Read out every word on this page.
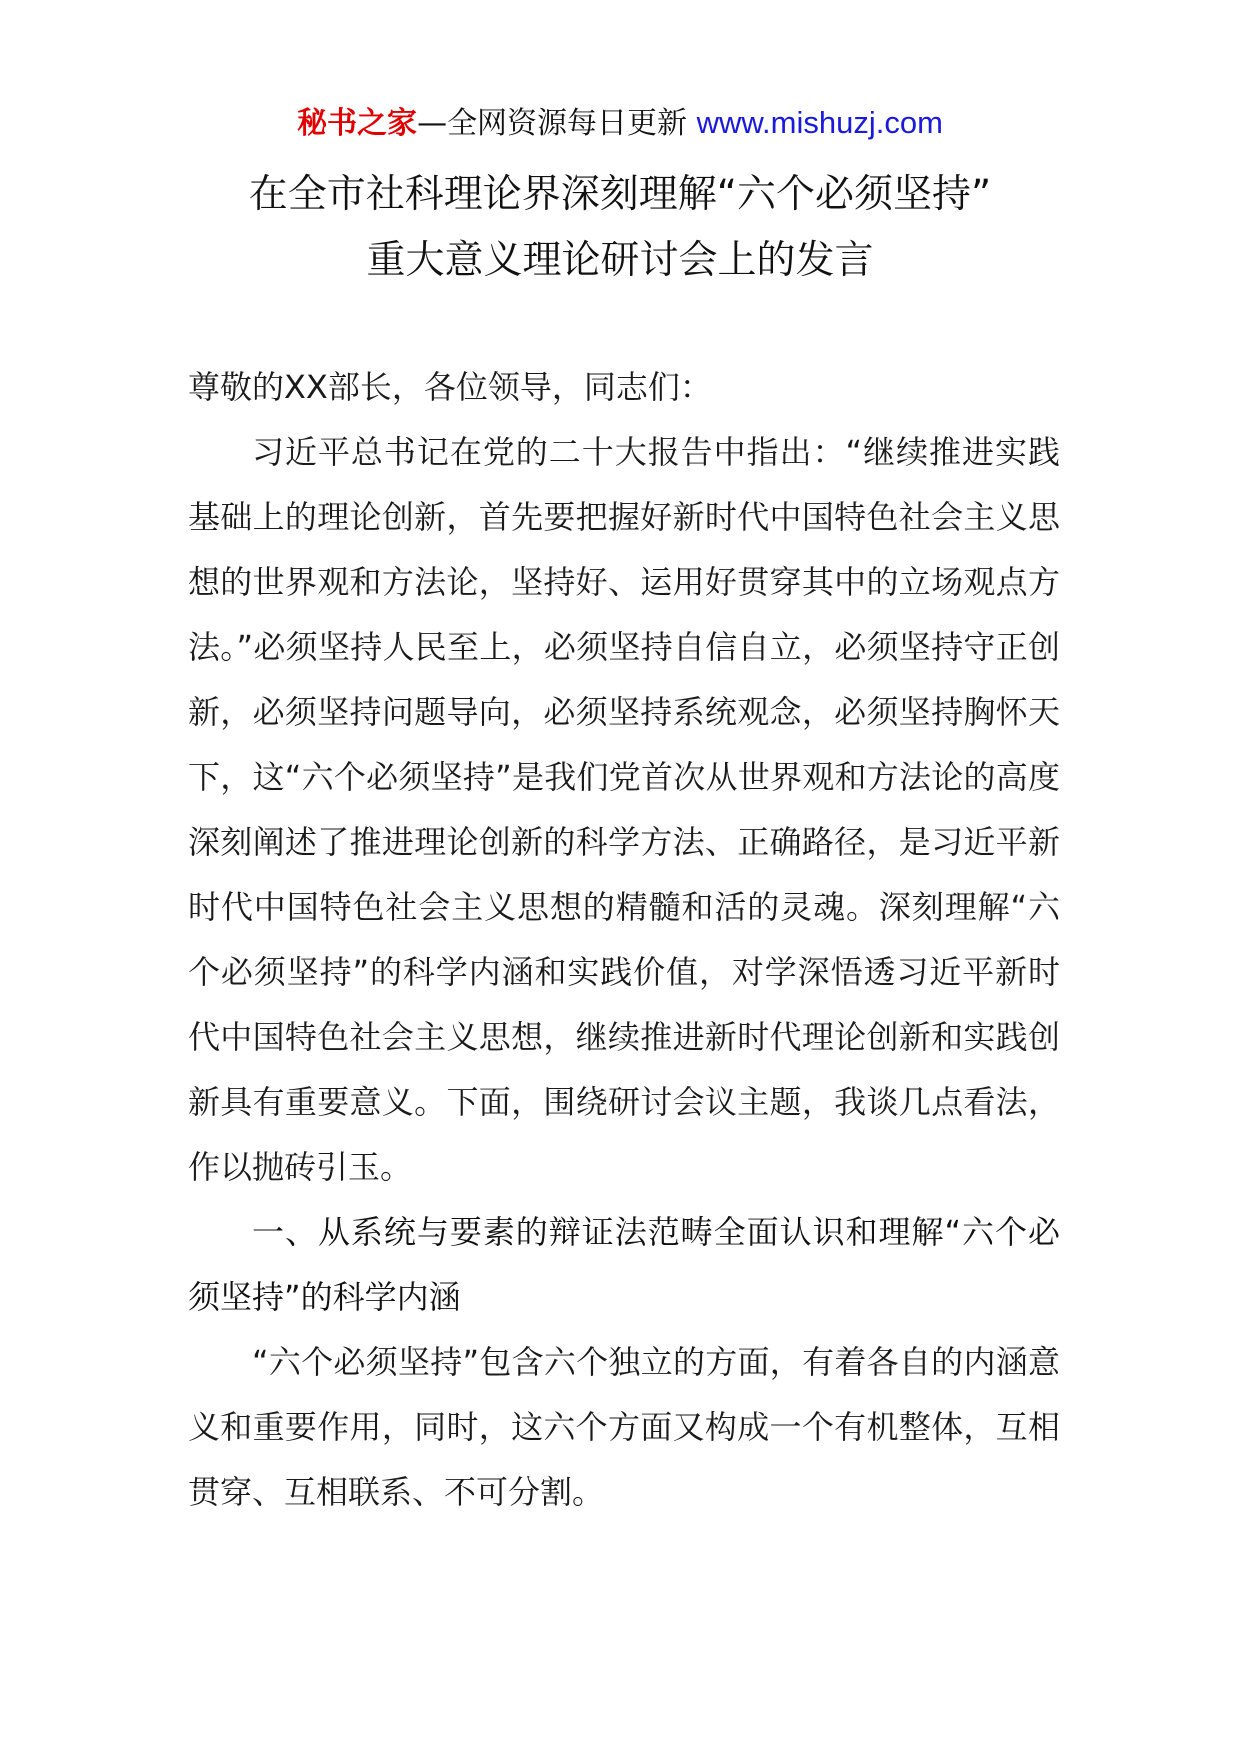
秘书之家—全网资源每日更新 www.mishuzj.com
在全市社科理论界深刻理解“六个必须坚持”
重大意义理论研讨会上的发言

尊敬的XX部长，各位领导，同志们：

习近平总书记在党的二十大报告中指出：“继续推进实践基础上的理论创新，首先要把握好新时代中国特色社会主义思想的世界观和方法论，坚持好、运用好贯穿其中的立场观点方法。”必须坚持人民至上，必须坚持自信自立，必须坚持守正创新，必须坚持问题导向，必须坚持系统观念，必须坚持胸怀天下，这“六个必须坚持”是我们党首次从世界观和方法论的高度深刻阐述了推进理论创新的科学方法、正确路径，是习近平新时代中国特色社会主义思想的精髓和活的灵魂。深刻理解“六个必须坚持”的科学内涵和实践价值，对学深悟透习近平新时代中国特色社会主义思想，继续推进新时代理论创新和实践创新具有重要意义。下面，围绕研讨会议主题，我谈几点看法，作以抛砖引玉。

一、从系统与要素的辩证法范畴全面认识和理解“六个必须坚持”的科学内涵

“六个必须坚持”包含六个独立的方面，有着各自的内涵意义和重要作用，同时，这六个方面又构成一个有机整体，互相贯穿、互相联系、不可分割。
